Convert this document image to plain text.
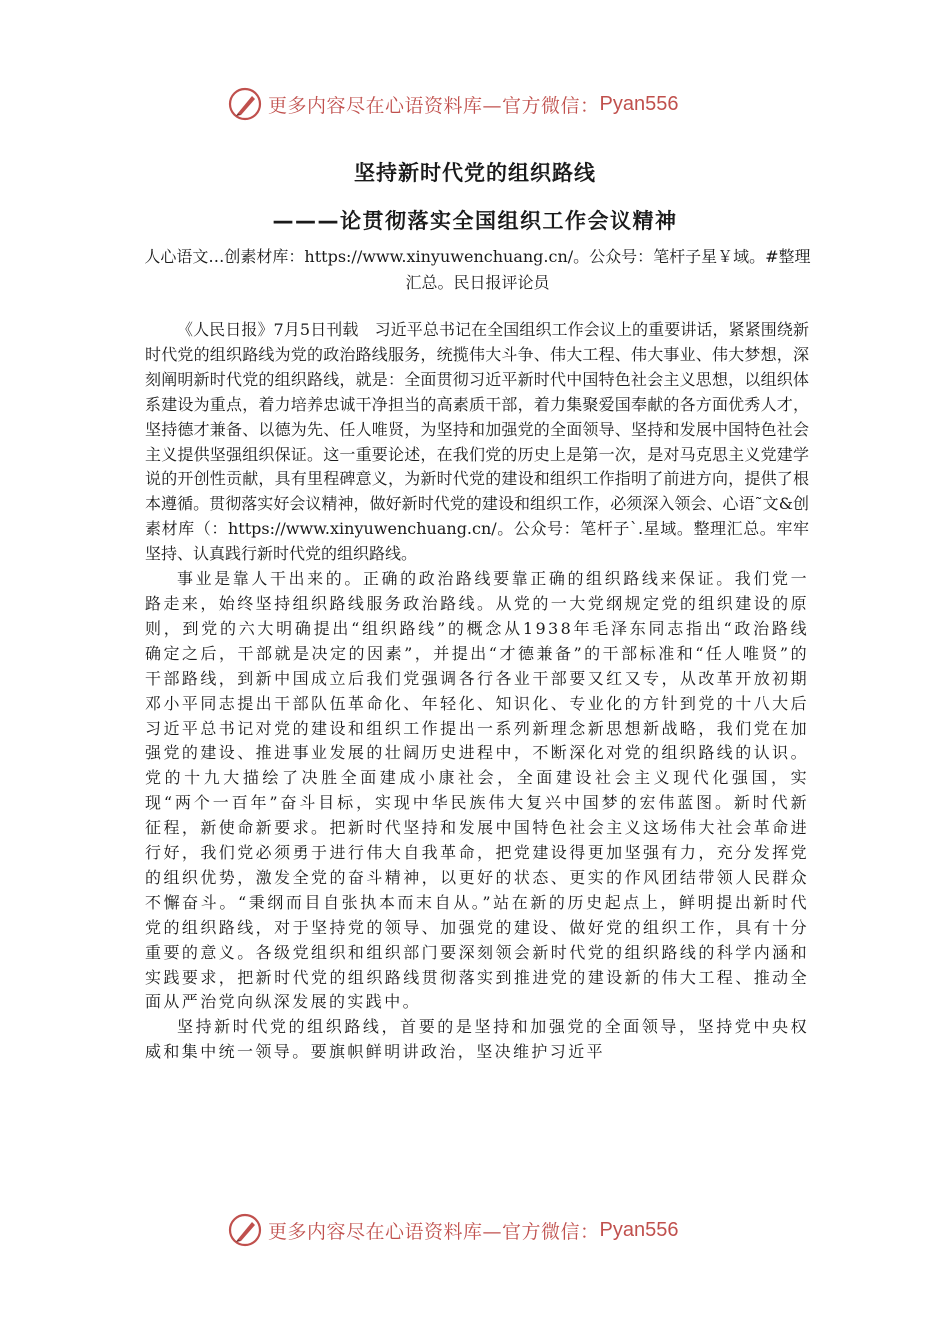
更多内容尽在心语资料库—官方微信： Pyan556
坚持新时代党的组织路线
———论贯彻落实全国组织工作会议精神
人心语文…创素材库：https://www.xinyuwenchuang.cn/。公众号：笔杆子星￥域。#整理汇总。民日报评论员

《人民日报》7月5日刊载　习近平总书记在全国组织工作会议上的重要讲话，紧紧围绕新时代党的组织路线为党的政治路线服务，统揽伟大斗争、伟大工程、伟大事业、伟大梦想，深刻阐明新时代党的组织路线，就是：全面贯彻习近平新时代中国特色社会主义思想，以组织体系建设为重点，着力培养忠诚干净担当的高素质干部，着力集聚爱国奉献的各方面优秀人才，坚持德才兼备、以德为先、任人唯贤，为坚持和加强党的全面领导、坚持和发展中国特色社会主义提供坚强组织保证。这一重要论述，在我们党的历史上是第一次，是对马克思主义党建学说的开创性贡献，具有里程碑意义，为新时代党的建设和组织工作指明了前进方向，提供了根本遵循。贯彻落实好会议精神，做好新时代党的建设和组织工作，必须深入领会、心语˜文&创素材库（：https://www.xinyuwenchuang.cn/。公众号：笔杆子`.星域。整理汇总。牢牢坚持、认真践行新时代党的组织路线。

事业是靠人干出来的。正确的政治路线要靠正确的组织路线来保证。我们党一路走来，始终坚持组织路线服务政治路线。从党的一大党纲规定党的组织建设的原则，到党的六大明确提出“组织路线”的概念从1938年毛泽东同志指出“政治路线确定之后，干部就是决定的因素”，并提出“才德兼备”的干部标准和“任人唯贤”的干部路线，到新中国成立后我们党强调各行各业干部要又红又专，从改革开放初期邓小平同志提出干部队伍革命化、年轻化、知识化、专业化的方针到党的十八大后习近平总书记对党的建设和组织工作提出一系列新理念新思想新战略，我们党在加强党的建设、推进事业发展的壮阔历史进程中，不断深化对党的组织路线的认识。党的十九大描绘了决胜全面建成小康社会，全面建设社会主义现代化强国，实现“两个一百年”奋斗目标，实现中华民族伟大复兴中国梦的宏伟蓝图。新时代新征程，新使命新要求。把新时代坚持和发展中国特色社会主义这场伟大社会革命进行好，我们党必须勇于进行伟大自我革命，把党建设得更加坚强有力，充分发挥党的组织优势，激发全党的奋斗精神，以更好的状态、更实的作风团结带领人民群众不懈奋斗。“秉纲而目自张执本而末自从。”站在新的历史起点上，鲜明提出新时代党的组织路线，对于坚持党的领导、加强党的建设、做好党的组织工作，具有十分重要的意义。各级党组织和组织部门要深刻领会新时代党的组织路线的科学内涵和实践要求，把新时代党的组织路线贯彻落实到推进党的建设新的伟大工程、推动全面从严治党向纵深发展的实践中。

坚持新时代党的组织路线，首要的是坚持和加强党的全面领导，坚持党中央权威和集中统一领导。要旗帜鲜明讲政治，坚决维护习近平

更多内容尽在心语资料库—官方微信： Pyan556
